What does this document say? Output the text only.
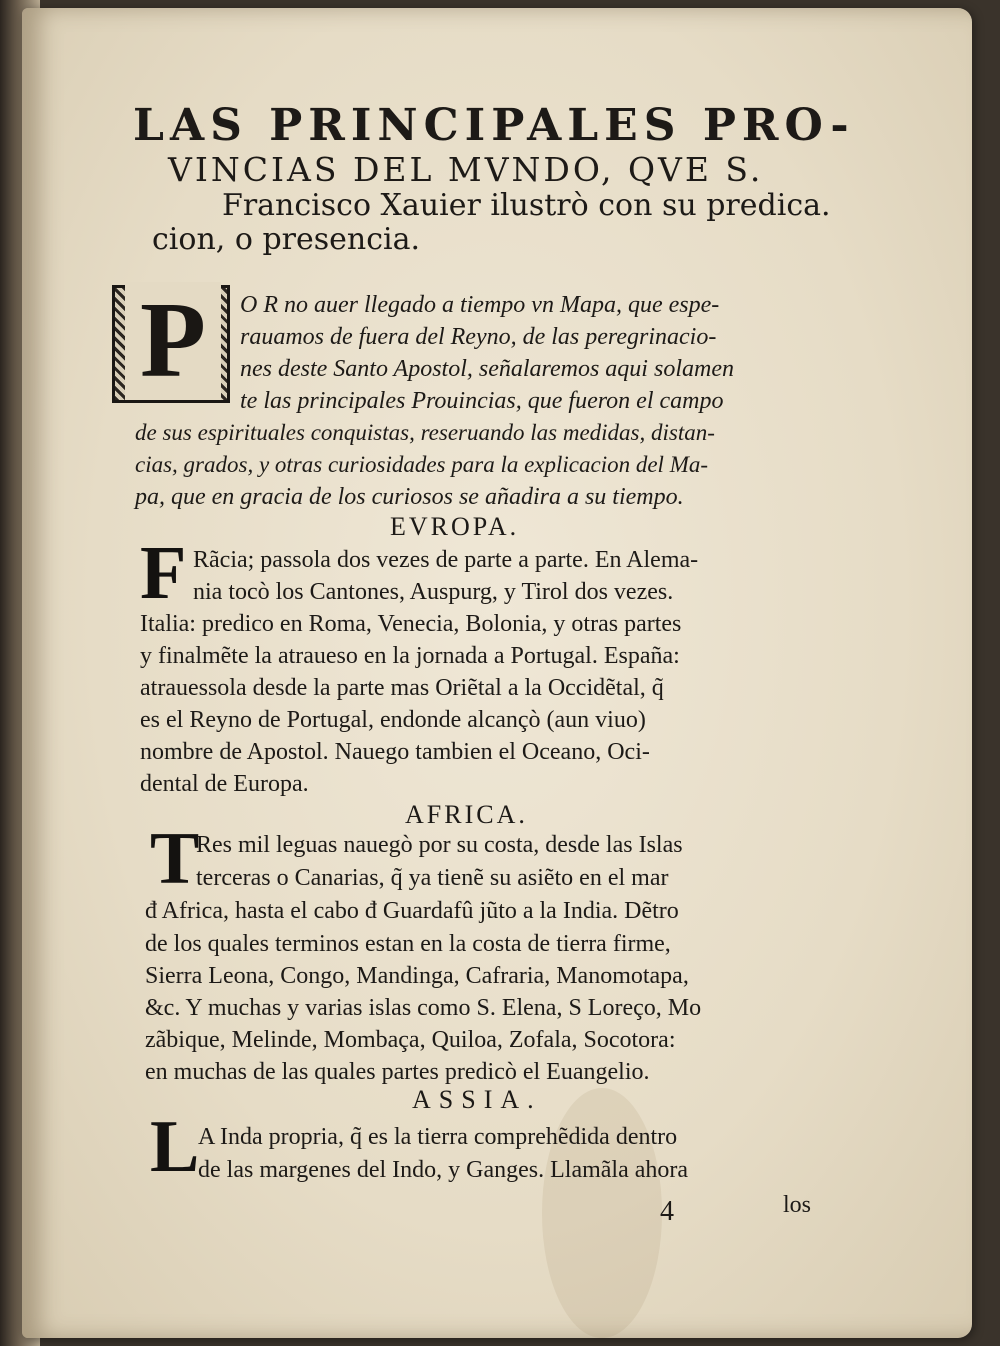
LAS PRINCIPALES PRO-
VINCIAS DEL MVNDO, QVE S.
Francisco Xauier ilustrò con su predica.
cion, o presencia.
P	O R no auer llegado a tiempo vn Mapa, que espe-
rauamos de fuera del Reyno, de las peregrinacio-
nes deste Santo Apostol, señalaremos aqui solamen
te las principales Prouincias, que fueron el campo
de sus espirituales conquistas, reseruando las medidas, distan-
cias, grados, y otras curiosidades para la explicacion del Ma-
pa, que en gracia de los curiosos se añadira a su tiempo.
EVROPA.
F Rãcia; passola dos vezes de parte a parte. En Alema-
nia tocò los Cantones, Auspurg, y Tirol dos vezes.
Italia: predico en Roma, Venecia, Bolonia, y otras partes
y finalmẽte la atraueso en la jornada a Portugal. España:
atrauessola desde la parte mas Oriẽtal a la Occidẽtal, q̃
es el Reyno de Portugal, endonde alcançò (aun viuo)
nombre de Apostol. Nauego tambien el Oceano, Oci-
dental de Europa.
AFRICA.
T
Res mil leguas nauegò por su costa, desde las Islas
terceras o Canarias, q̃ ya tienẽ su asiẽto en el mar
đ Africa, hasta el cabo đ Guardafû jũto a la India. Dẽtro
de los quales terminos estan en la costa de tierra firme,
Sierra Leona, Congo, Mandinga, Cafraria, Manomotapa,
&c. Y muchas y varias islas como S. Elena, S Loreço, Mo
zãbique, Melinde, Mombaça, Quiloa, Zofala, Socotora:
en muchas de las quales partes predicò el Euangelio.
ASSIA.
L
A Inda propria, q̃ es la tierra comprehẽdida dentro
de las margenes del Indo, y Ganges. Llamãla ahora
4	los
